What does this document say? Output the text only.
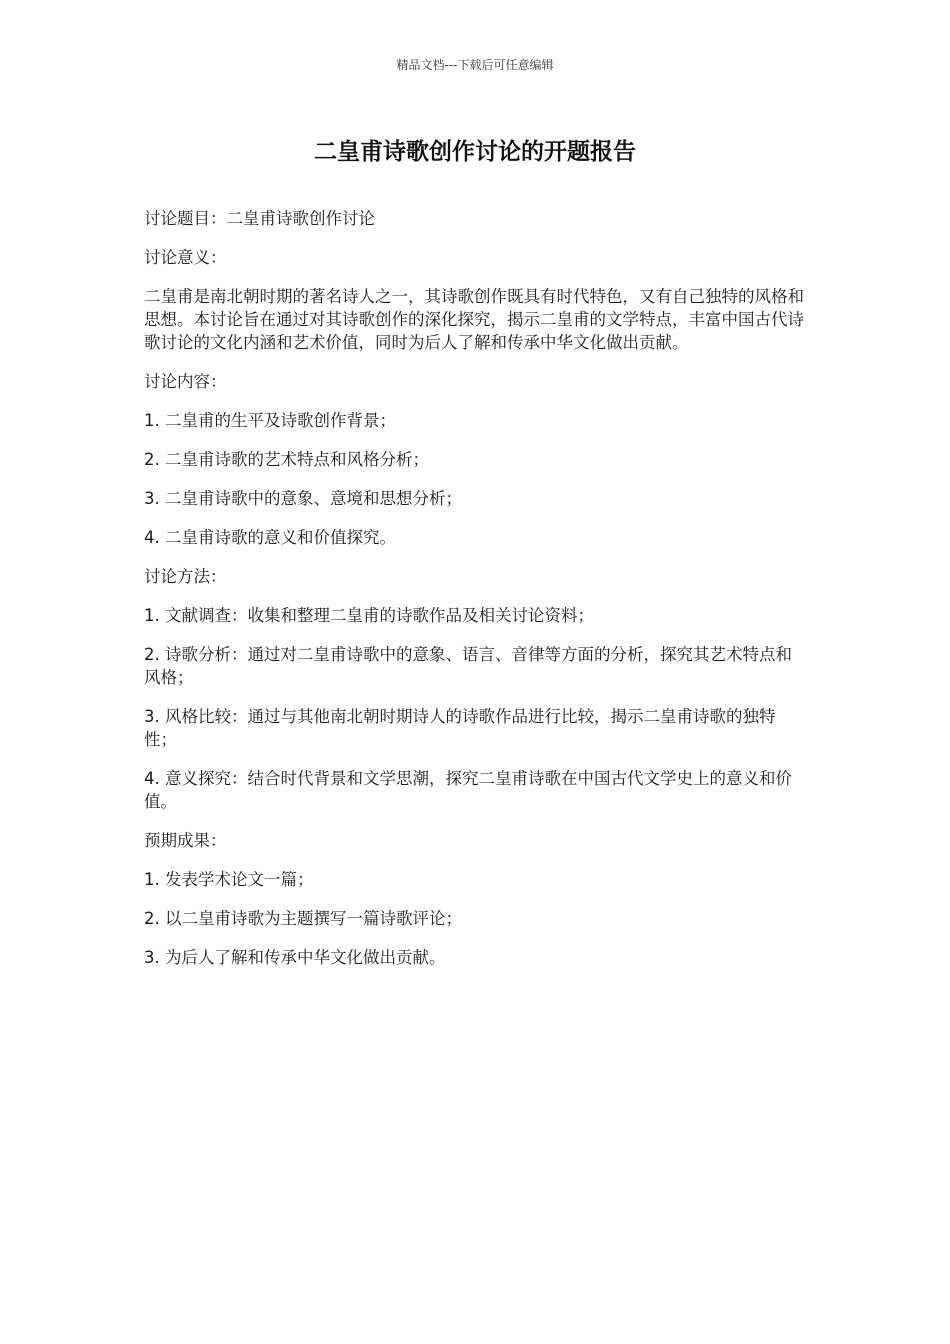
精品文档---下载后可任意编辑
二皇甫诗歌创作讨论的开题报告

讨论题目：二皇甫诗歌创作讨论

讨论意义：

二皇甫是南北朝时期的著名诗人之一，其诗歌创作既具有时代特色，又有自己独特的风格和思想。本讨论旨在通过对其诗歌创作的深化探究，揭示二皇甫的文学特点，丰富中国古代诗歌讨论的文化内涵和艺术价值，同时为后人了解和传承中华文化做出贡献。

讨论内容：

1. 二皇甫的生平及诗歌创作背景；

2. 二皇甫诗歌的艺术特点和风格分析；

3. 二皇甫诗歌中的意象、意境和思想分析；

4. 二皇甫诗歌的意义和价值探究。

讨论方法：

1. 文献调查：收集和整理二皇甫的诗歌作品及相关讨论资料；

2. 诗歌分析：通过对二皇甫诗歌中的意象、语言、音律等方面的分析，探究其艺术特点和风格；

3. 风格比较：通过与其他南北朝时期诗人的诗歌作品进行比较，揭示二皇甫诗歌的独特性；

4. 意义探究：结合时代背景和文学思潮，探究二皇甫诗歌在中国古代文学史上的意义和价值。

预期成果：

1. 发表学术论文一篇；

2. 以二皇甫诗歌为主题撰写一篇诗歌评论；

3. 为后人了解和传承中华文化做出贡献。
